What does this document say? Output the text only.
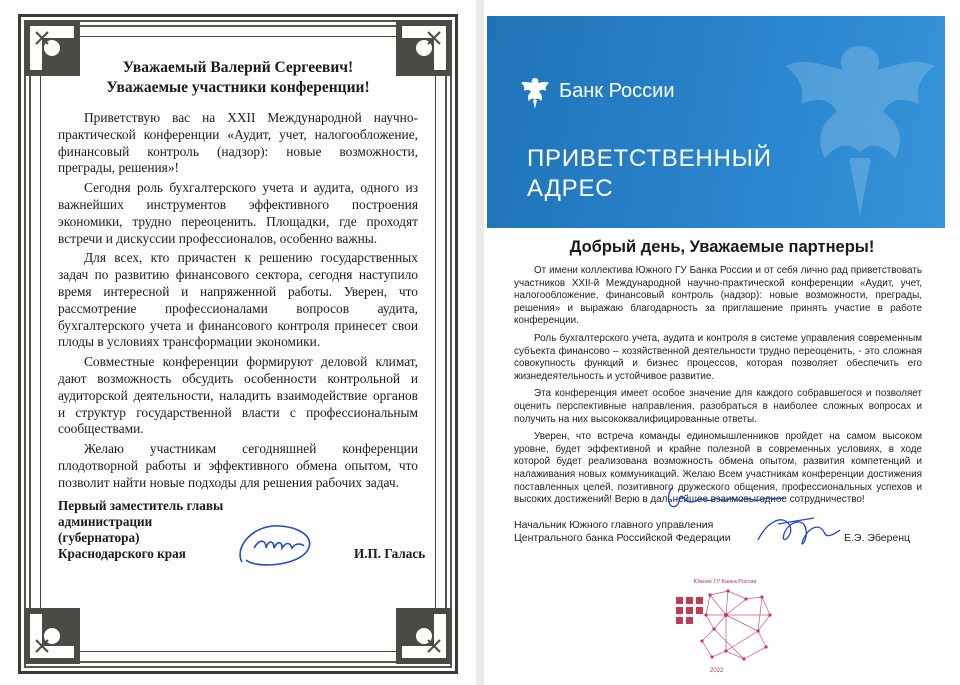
Уважаемый Валерий Сергеевич!

Уважаемые участники конференции!

Приветствую вас на XXII Международной научно-практической конференции «Аудит, учет, налогообложение, финансовый контроль (надзор): новые возможности, преграды, решения»!

Сегодня роль бухгалтерского учета и аудита, одного из важнейших инструментов эффективного построения экономики, трудно переоценить. Площадки, где проходят встречи и дискуссии профессионалов, особенно важны.

Для всех, кто причастен к решению государственных задач по развитию финансового сектора, сегодня наступило время интересной и напряженной работы. Уверен, что рассмотрение профессионалами вопросов аудита, бухгалтерского учета и финансового контроля принесет свои плоды в условиях трансформации экономики.

Совместные конференции формируют деловой климат, дают возможность обсудить особенности контрольной и аудиторской деятельности, наладить взаимодействие органов и структур государственной власти с профессиональным сообществами.

Желаю участникам сегодняшней конференции плодотворной работы и эффективного обмена опытом, что позволит найти новые подходы для решения рабочих задач.

Первый заместитель главы администрации (губернатора) Краснодарского края	И.П. Галась
Банк России
ПРИВЕТСТВЕННЫЙ АДРЕС
Добрый день, Уважаемые партнеры!

От имени коллектива Южного ГУ Банка России и от себя лично рад приветствовать участников XXII-й Международной научно-практической конференции «Аудит, учет, налогообложение, финансовый контроль (надзор): новые возможности, преграды, решения» и выражаю благодарность за приглашение принять участие в работе конференции.

Роль бухгалтерского учета, аудита и контроля в системе управления современным субъекта финансово – хозяйственной деятельности трудно переоценить, - это сложная совокупность функций и бизнес процессов, которая позволяет обеспечить его жизнедеятельность и устойчивое развитие.

Эта конференция имеет особое значение для каждого собравшегося и позволяет оценить перспективные направления, разобраться в наиболее сложных вопросах и получить на них высококвалифицированные ответы.

Уверен, что встреча команды единомышленников пройдет на самом высоком уровне, будет эффективной и крайне полезной в современных условиях, в ходе которой будет реализована возможность обмена опытом, развития компетенций и налаживания новых коммуникаций. Желаю Всем участникам конференции достижения поставленных целей, позитивного дружеского общения, профессиональных успехов и высоких достижений! Верю в дальнейшее взаимовыгодное сотрудничество!

Начальник Южного главного управления
Центрального банка Российской Федерации	Е.Э. Эберенц
Южное ГУ Банка России
2022
